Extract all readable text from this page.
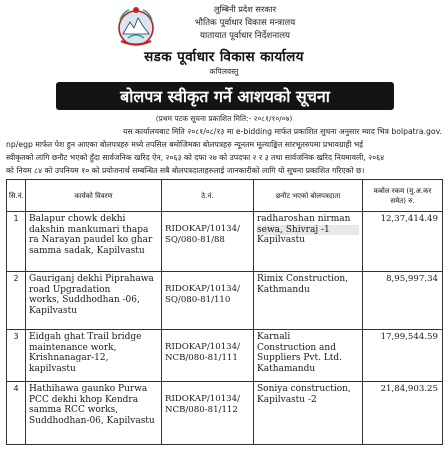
लुम्बिनी प्रदेश सरकार
भौतिक पूर्वाधार विकास मन्त्रालय
यातायात पूर्वाधार निर्देशनालय
सडक पूर्वाधार विकास कार्यालय
कपिलवस्तु
बोलपत्र स्वीकृत गर्ने आशयको सूचना
(प्रथम पटक सूचना प्रकाशित मिति:- २०८१/१०/०७)
यस कार्यालयबाट मिति २०८१/०८/१३ मा e-bidding मार्फत प्रकाशित सुचना अनुसार म्याद भित्र bolpatra.gov.
np/egp मार्फत पेश हुन आएका बोलपत्रहरु मध्ये तपसिल बमोजिमका बोलपत्रहरु न्यूनतम मूल्याङ्कित सारभूतरुपमा प्रभावग्राही भई
स्वीकृतको लागि छनौट भएको हुँदा सार्वजनिक खरिद ऐन, २०६३ को दफा २७ को उपदफा २ र ३ तथा सार्वजनिक खरिद नियमावली, २०६४
को नियम ८४ को उपनियम १० को प्रयोजनार्थ सम्बन्धित सबै बोलपत्रदाताहरुलाई जानकारीको लागि यो सूचना प्रकाशित गरिएको छ।
सि.नं.	कार्यको विवरण	ठे.नं.	छनौट भएको बोलपत्रदाता	कबोल रकम (मु.अ.कर समेत) रु.
1	Balapur chowk dekhi
dakshin mankumari thapa
ra Narayan paudel ko ghar
samma sadak, Kapilvastu	RIDOKAP/10134/
SQ/080-81/88	radharoshan nirman
sewa, Shivraj -1
Kapilvastu	12,37,414.49
2	Gauriganj dekhi Piprahawa
road Upgradation
works, Suddhodhan -06,
Kapilvastu	RIDOKAP/10134/
SQ/080-81/110	Rimix Construction,
Kathmandu	8,95,997.34
3	Eidgah ghat Trail bridge
maintenance work,
Krishnanagar-12, kapilvastu	RIDOKAP/10134/
NCB/080-81/111	Karnali
Construction and
Suppliers Pvt. Ltd.
Kathamandu	17,99,544.59
4	Hathihawa gaunko Purwa
PCC dekhi khop Kendra
samma RCC works,
Suddhodhan-06, Kapilvastu	RIDOKAP/10134/
NCB/080-81/112	Soniya construction,
Kapilvastu -2	21,84,903.25
